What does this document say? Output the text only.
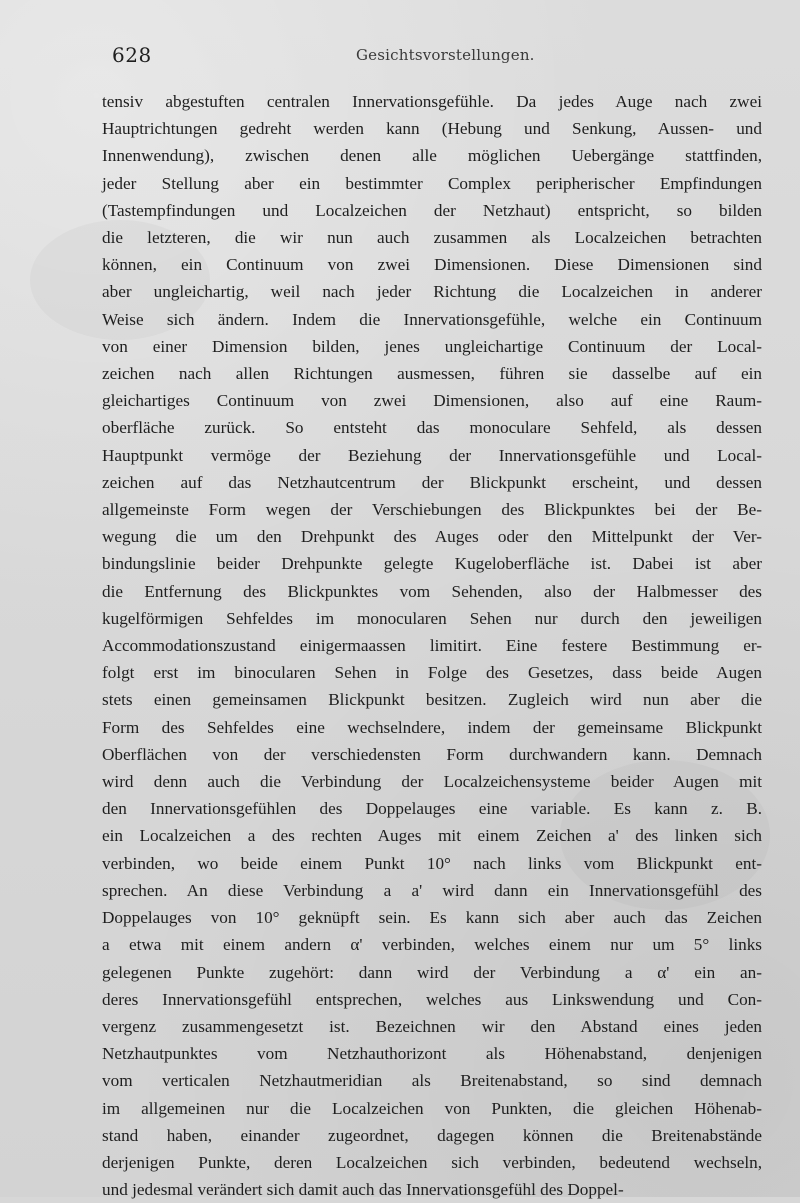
628	Gesichtsvorstellungen.
tensiv abgestuften centralen Innervationsgefühle. Da jedes Auge nach zwei
Hauptrichtungen gedreht werden kann (Hebung und Senkung, Aussen- und
Innenwendung), zwischen denen alle möglichen Uebergänge stattfinden,
jeder Stellung aber ein bestimmter Complex peripherischer Empfindungen
(Tastempfindungen und Localzeichen der Netzhaut) entspricht, so bilden
die letzteren, die wir nun auch zusammen als Localzeichen betrachten
können, ein Continuum von zwei Dimensionen. Diese Dimensionen sind
aber ungleichartig, weil nach jeder Richtung die Localzeichen in anderer
Weise sich ändern. Indem die Innervationsgefühle, welche ein Continuum
von einer Dimension bilden, jenes ungleichartige Continuum der Local-
zeichen nach allen Richtungen ausmessen, führen sie dasselbe auf ein
gleichartiges Continuum von zwei Dimensionen, also auf eine Raum-
oberfläche zurück. So entsteht das monoculare Sehfeld, als dessen
Hauptpunkt vermöge der Beziehung der Innervationsgefühle und Local-
zeichen auf das Netzhautcentrum der Blickpunkt erscheint, und dessen
allgemeinste Form wegen der Verschiebungen des Blickpunktes bei der Be-
wegung die um den Drehpunkt des Auges oder den Mittelpunkt der Ver-
bindungslinie beider Drehpunkte gelegte Kugeloberfläche ist. Dabei ist aber
die Entfernung des Blickpunktes vom Sehenden, also der Halbmesser des
kugelförmigen Sehfeldes im monocularen Sehen nur durch den jeweiligen
Accommodationszustand einigermaassen limitirt. Eine festere Bestimmung er-
folgt erst im binocularen Sehen in Folge des Gesetzes, dass beide Augen
stets einen gemeinsamen Blickpunkt besitzen. Zugleich wird nun aber die
Form des Sehfeldes eine wechselndere, indem der gemeinsame Blickpunkt
Oberflächen von der verschiedensten Form durchwandern kann. Demnach
wird denn auch die Verbindung der Localzeichensysteme beider Augen mit
den Innervationsgefühlen des Doppelauges eine variable. Es kann z. B.
ein Localzeichen a des rechten Auges mit einem Zeichen a' des linken sich
verbinden, wo beide einem Punkt 10° nach links vom Blickpunkt ent-
sprechen. An diese Verbindung a a' wird dann ein Innervationsgefühl des
Doppelauges von 10° geknüpft sein. Es kann sich aber auch das Zeichen
a etwa mit einem andern α' verbinden, welches einem nur um 5° links
gelegenen Punkte zugehört: dann wird der Verbindung a α' ein an-
deres Innervationsgefühl entsprechen, welches aus Linkswendung und Con-
vergenz zusammengesetzt ist. Bezeichnen wir den Abstand eines jeden
Netzhautpunktes vom Netzhauthorizont als Höhenabstand, denjenigen
vom verticalen Netzhautmeridian als Breitenabstand, so sind demnach
im allgemeinen nur die Localzeichen von Punkten, die gleichen Höhenab-
stand haben, einander zugeordnet, dagegen können die Breitenabstände
derjenigen Punkte, deren Localzeichen sich verbinden, bedeutend wechseln,
und jedesmal verändert sich damit auch das Innervationsgefühl des Doppel-
